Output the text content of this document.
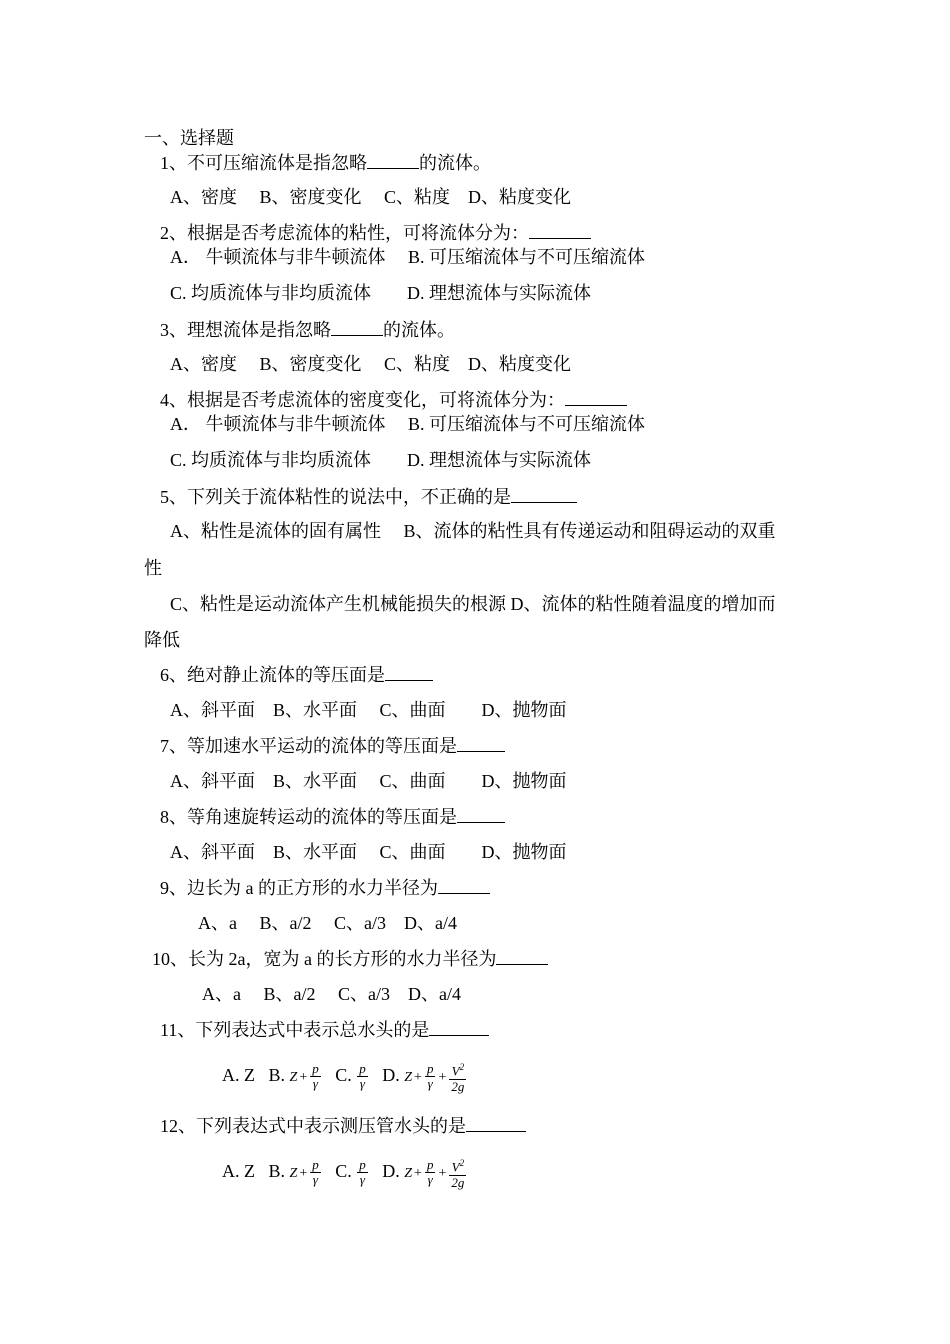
一、选择题
1、不可压缩流体是指忽略	的流体。
A、密度　 B、密度变化　 C、粘度　D、粘度变化
2、根据是否考虑流体的粘性，可将流体分为：
A． 牛顿流体与非牛顿流体　 B. 可压缩流体与不可压缩流体
C. 均质流体与非均质流体　　D. 理想流体与实际流体
3、理想流体是指忽略	的流体。
A、密度　 B、密度变化　 C、粘度　D、粘度变化
4、根据是否考虑流体的密度变化，可将流体分为：
A． 牛顿流体与非牛顿流体　 B. 可压缩流体与不可压缩流体
C. 均质流体与非均质流体　　D. 理想流体与实际流体
5、下列关于流体粘性的说法中，不正确的是
A、粘性是流体的固有属性　 B、流体的粘性具有传递运动和阻碍运动的双重
性
C、粘性是运动流体产生机械能损失的根源 D、流体的粘性随着温度的增加而
降低
6、绝对静止流体的等压面是
A、斜平面　B、水平面　 C、曲面　　D、抛物面
7、等加速水平运动的流体的等压面是
A、斜平面　B、水平面　 C、曲面　　D、抛物面
8、等角速旋转运动的流体的等压面是
A、斜平面　B、水平面　 C、曲面　　D、抛物面
9、边长为 a 的正方形的水力半径为
A、a　 B、a/2　 C、a/3　D、a/4
10、长为 2a，宽为 a 的长方形的水力半径为
A、a　 B、a/2　 C、a/3　D、a/4
11、下列表达式中表示总水头的是
A. Z B. $Z + \frac{p}{\gamma} C$. $\frac{p}{\gamma} D$. $Z + \frac{p}{\gamma} + \frac{V^2}{2g}$
12、下列表达式中表示测压管水头的是
A. Z B. $Z + \frac{p}{\gamma} C$. $\frac{p}{\gamma} D$. $Z + \frac{p}{\gamma} + \frac{V^2}{2g}$
